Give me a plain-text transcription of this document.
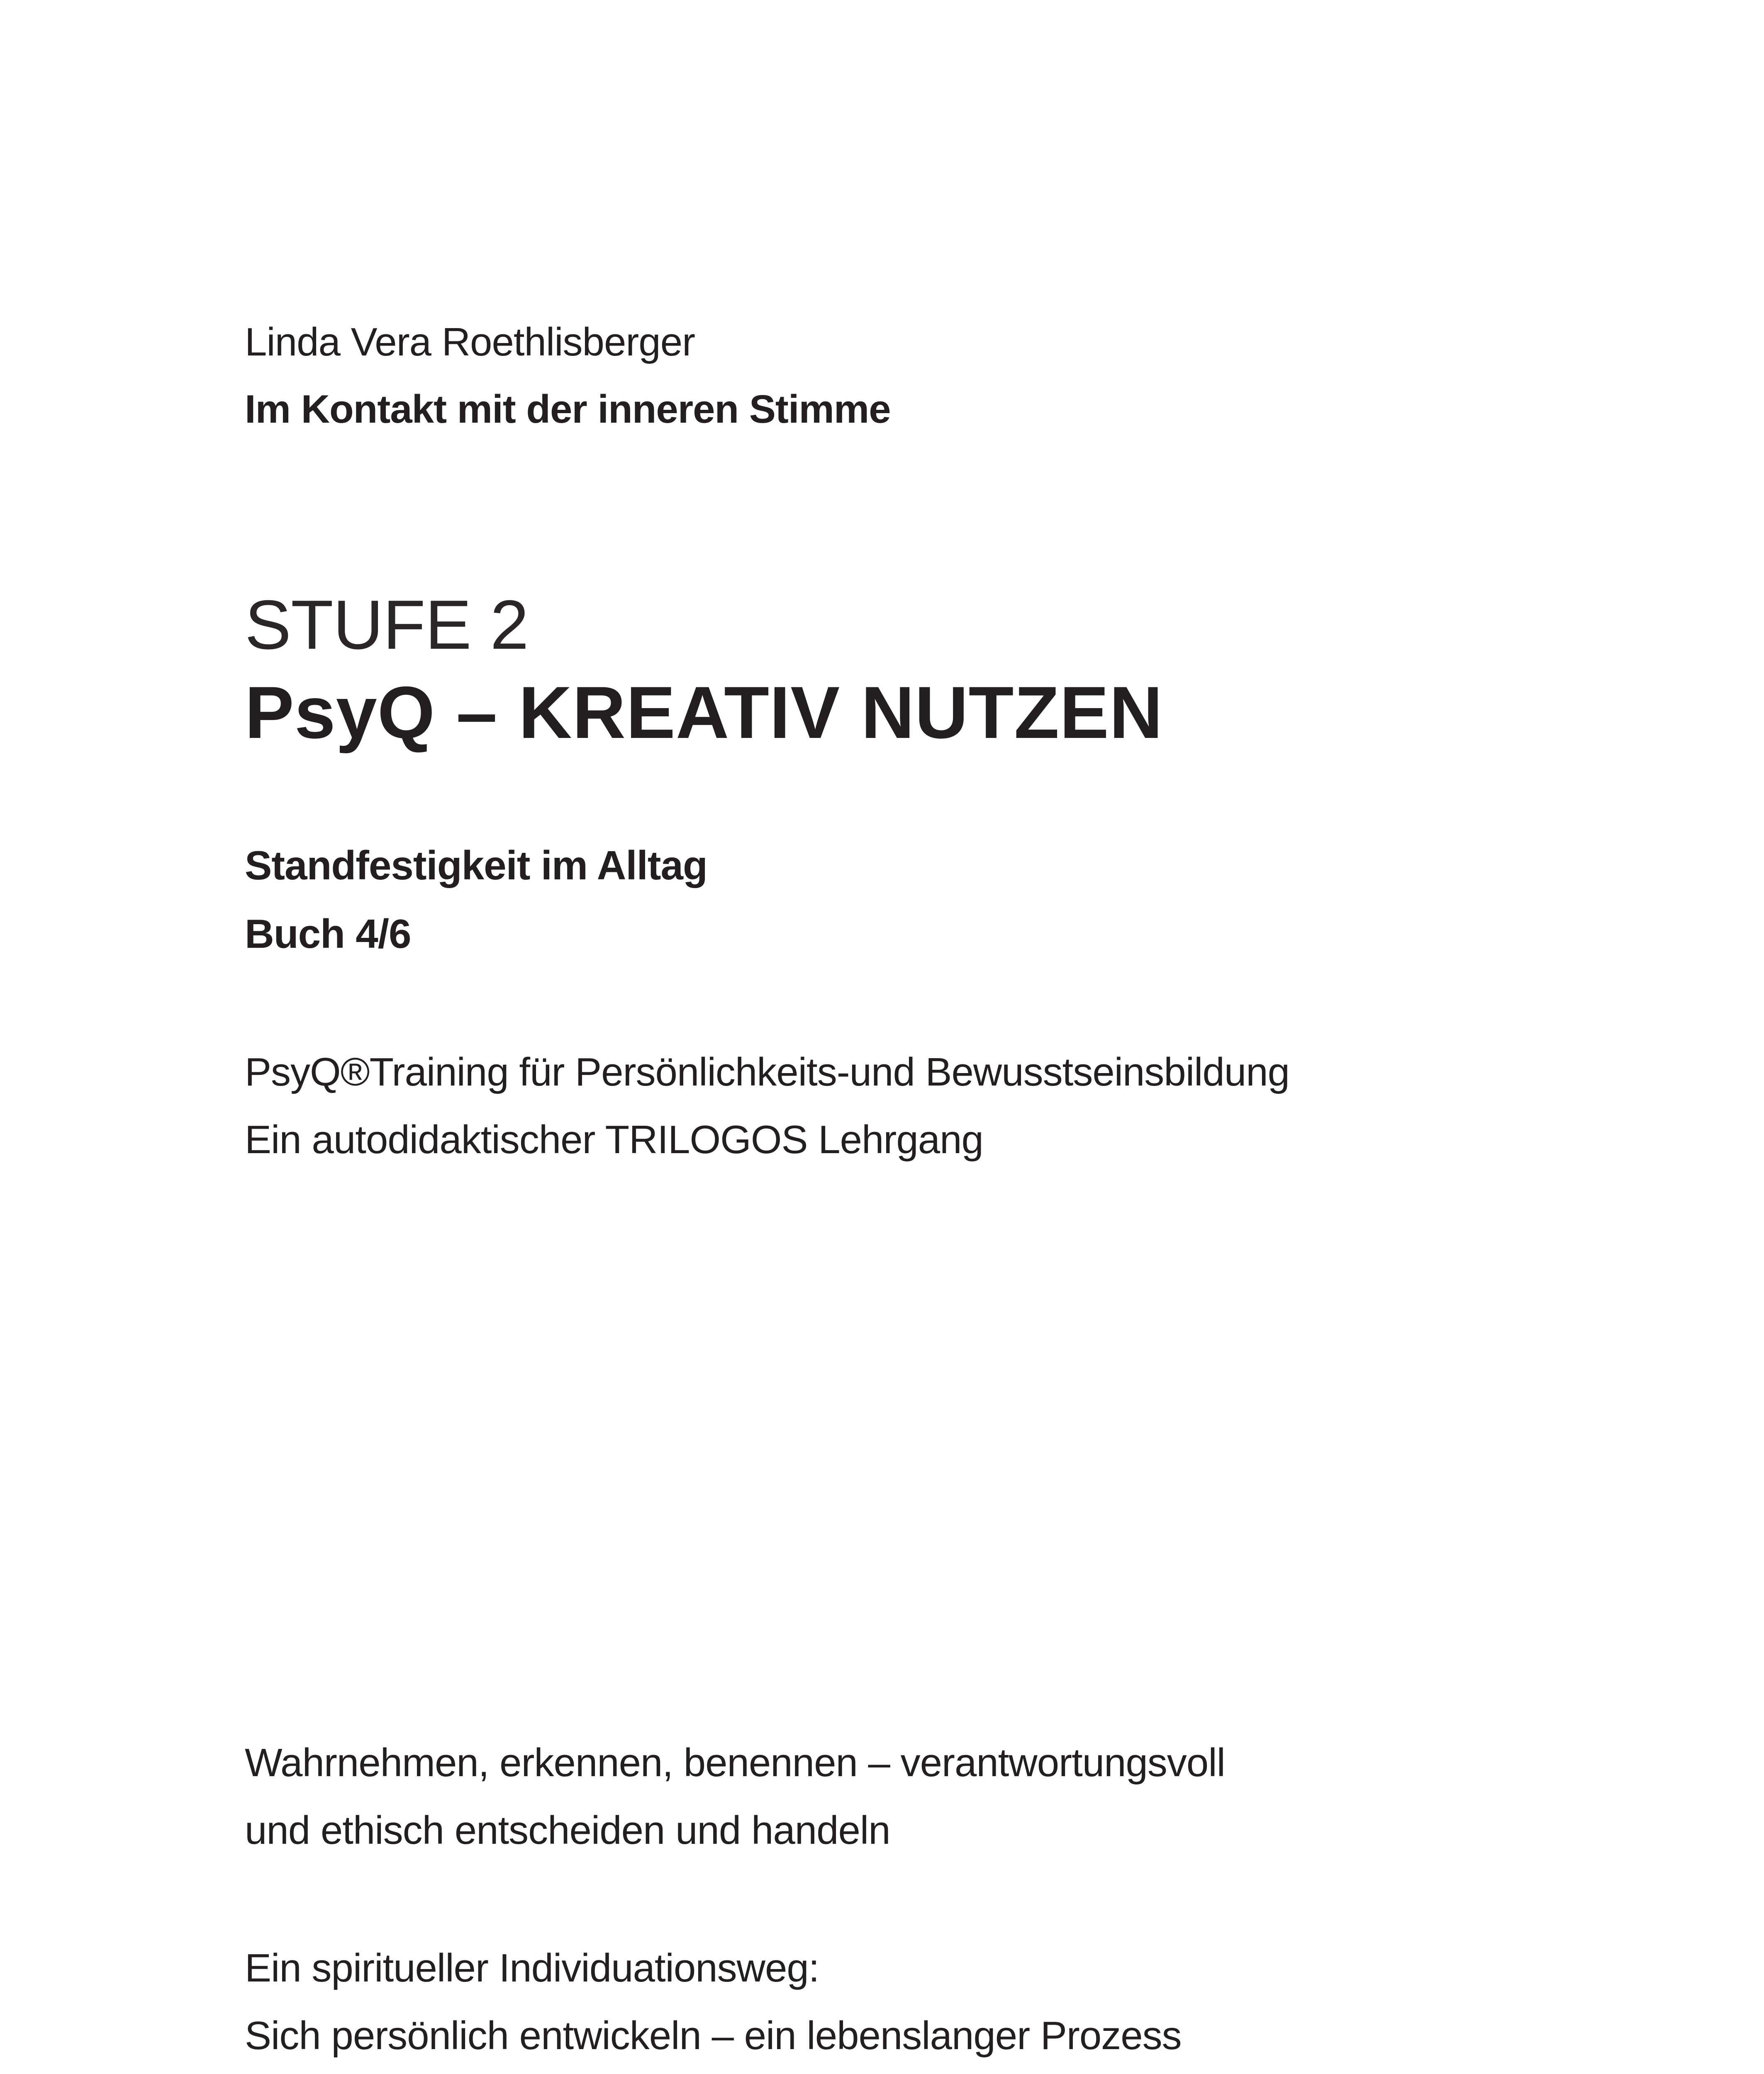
Linda Vera Roethlisberger
Im Kontakt mit der inneren Stimme
STUFE 2
PsyQ – KREATIV NUTZEN
Standfestigkeit im Alltag
Buch 4/6
PsyQ®Training für Persönlichkeits-und Bewusstseinsbildung
Ein autodidaktischer TRILOGOS Lehrgang
Wahrnehmen, erkennen, benennen – verantwortungsvoll
und ethisch entscheiden und handeln
Ein spiritueller Individuationsweg:
Sich persönlich entwickeln – ein lebenslanger Prozess
